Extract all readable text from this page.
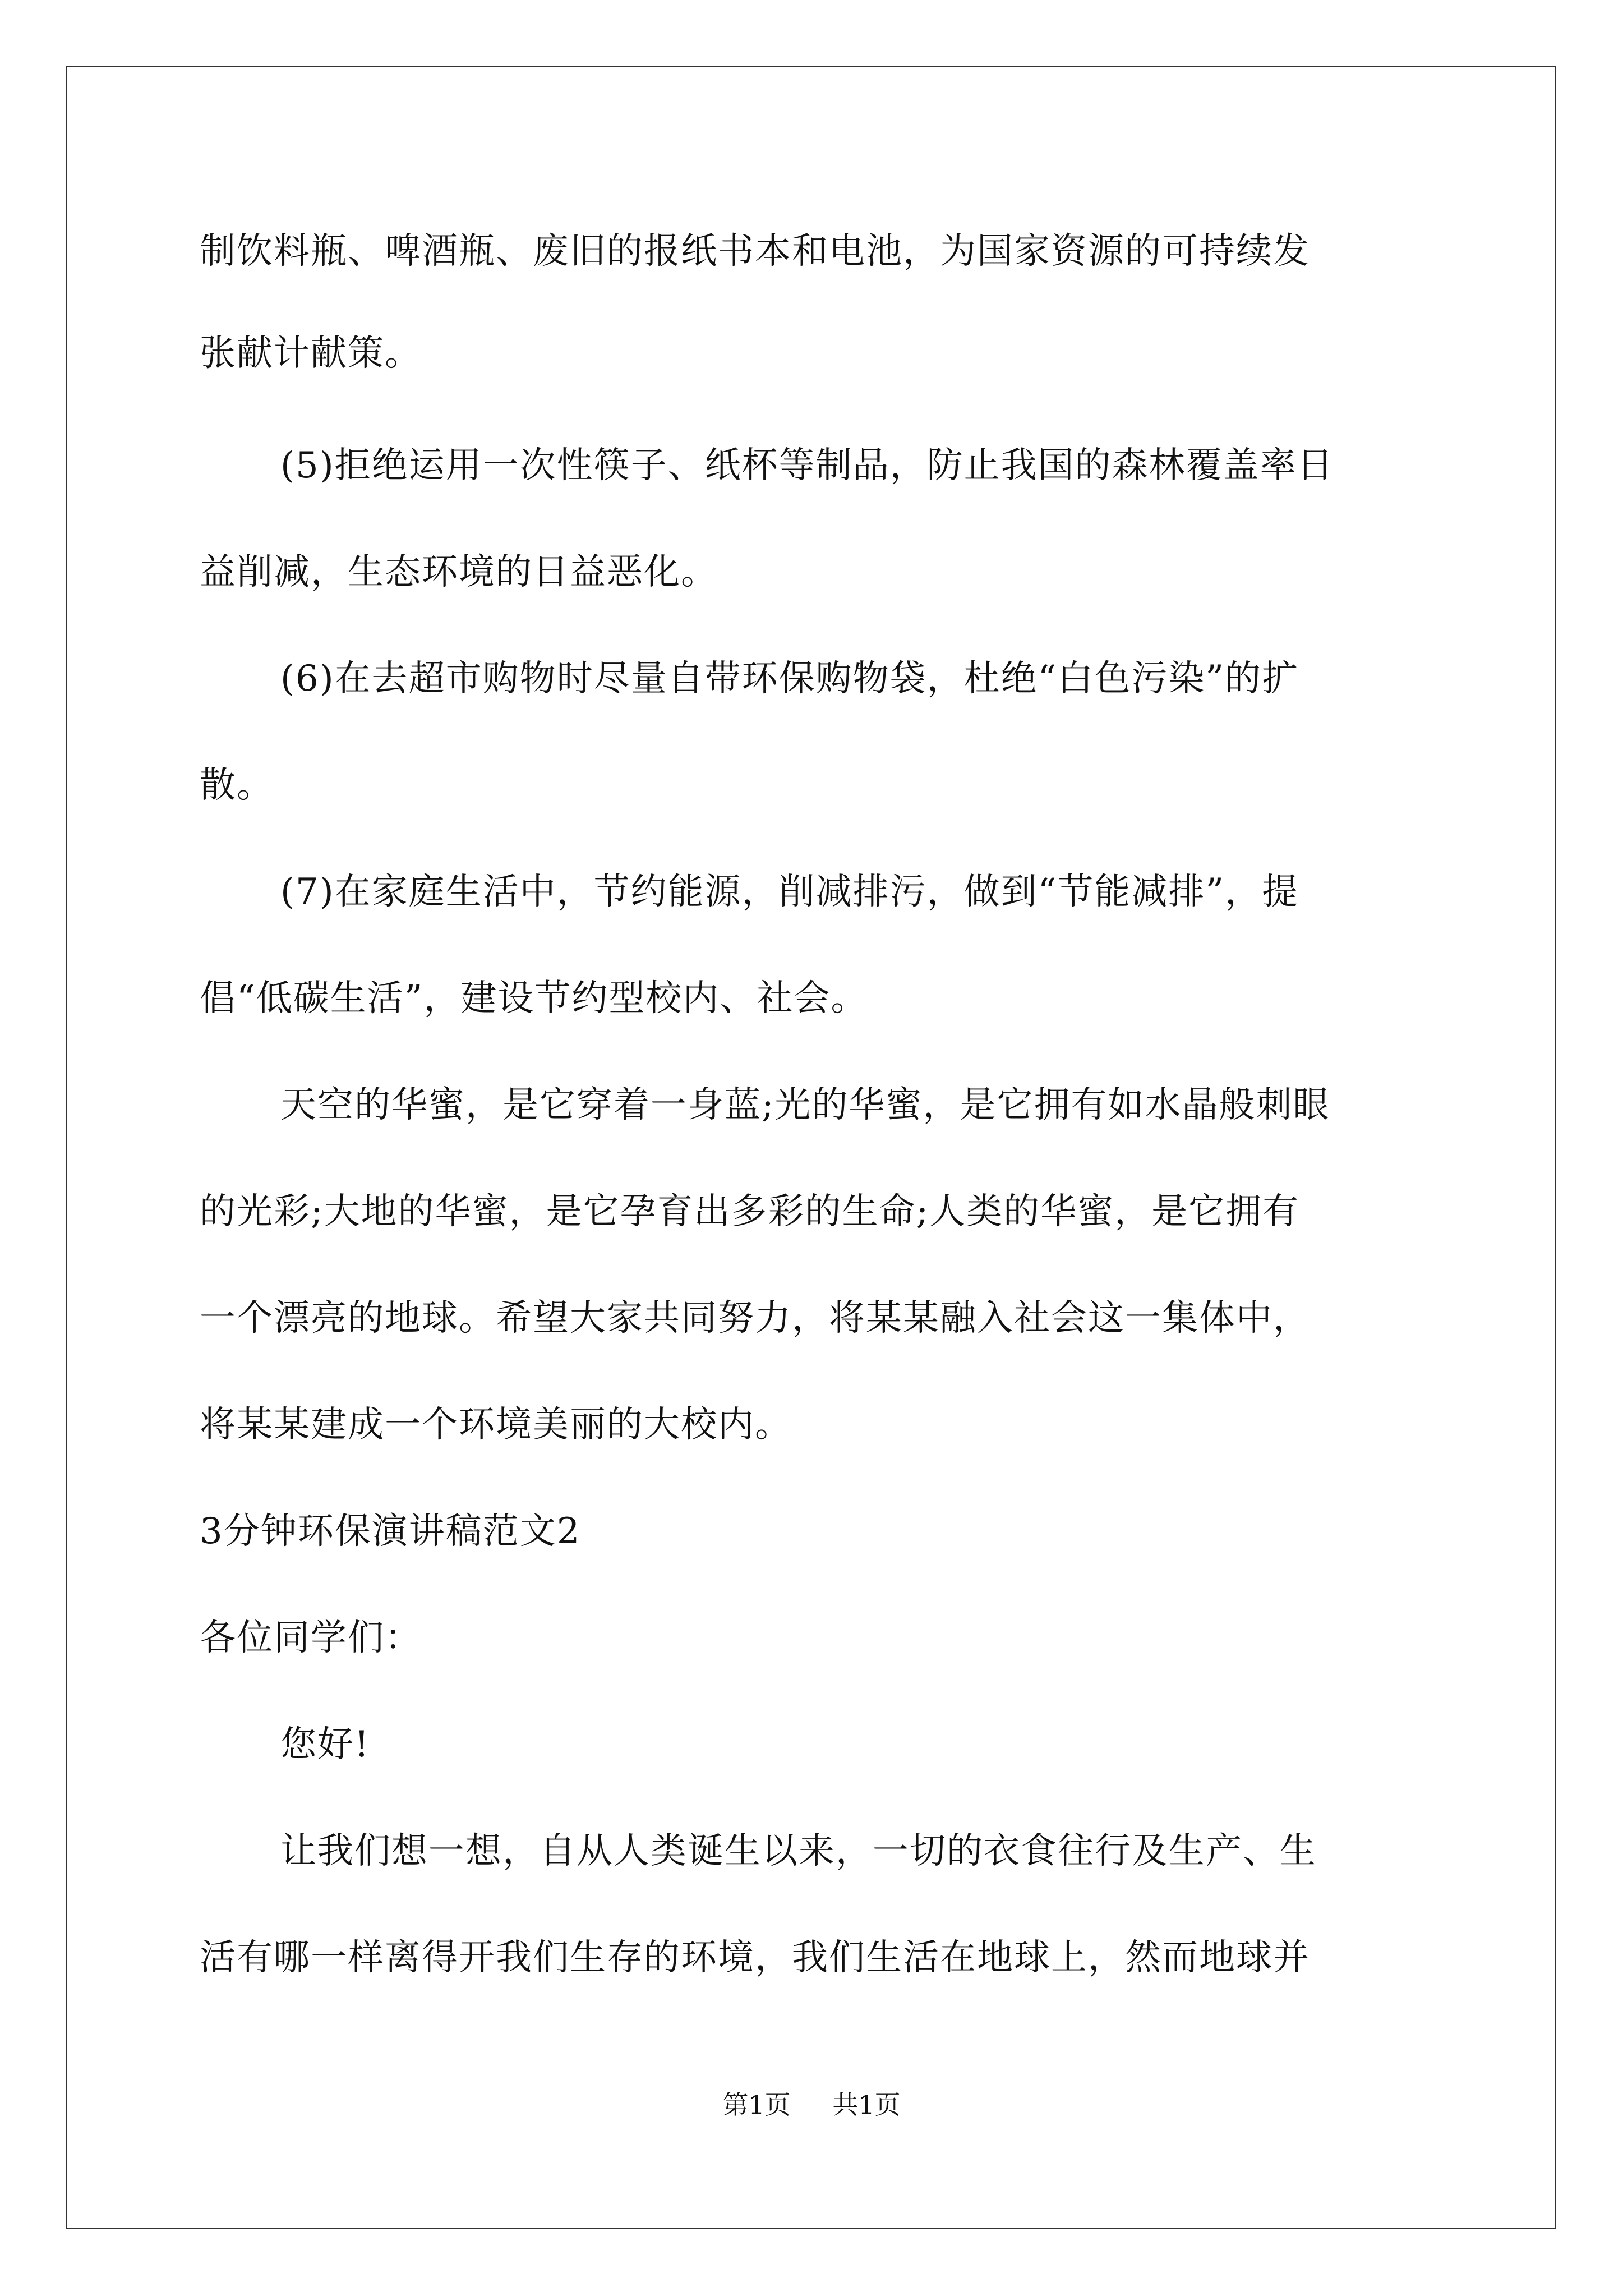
制饮料瓶、啤酒瓶、废旧的报纸书本和电池，为国家资源的可持续发
张献计献策。
(5)拒绝运用一次性筷子、纸杯等制品，防止我国的森林覆盖率日
益削减，生态环境的日益恶化。
(6)在去超市购物时尽量自带环保购物袋，杜绝“白色污染”的扩
散。
(7)在家庭生活中，节约能源，削减排污，做到“节能减排”，提
倡“低碳生活”，建设节约型校内、社会。
天空的华蜜，是它穿着一身蓝;光的华蜜，是它拥有如水晶般刺眼
的光彩;大地的华蜜，是它孕育出多彩的生命;人类的华蜜，是它拥有
一个漂亮的地球。希望大家共同努力，将某某融入社会这一集体中，
将某某建成一个环境美丽的大校内。
3分钟环保演讲稿范文2
各位同学们：
您好!
让我们想一想，自从人类诞生以来，一切的衣食往行及生产、生
活有哪一样离得开我们生存的环境，我们生活在地球上，然而地球并
第1页 共1页
